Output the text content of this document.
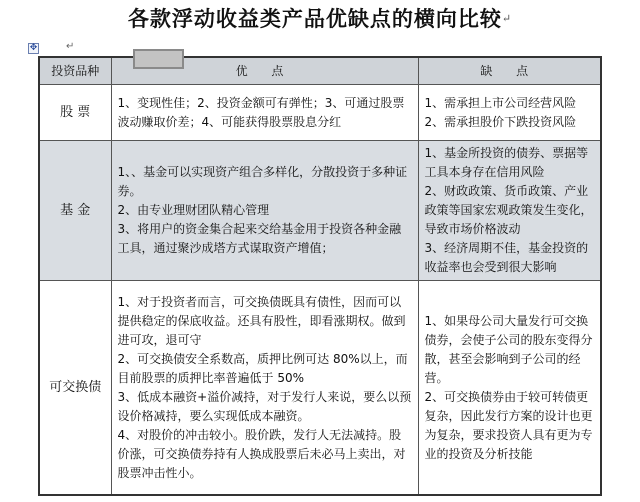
各款浮动收益类产品优缺点的横向比较↵
✥	↵
投资品种	优 点	缺 点
股 票	1、变现性佳；2、投资金额可有弹性；3、可通过股票波动赚取价差；4、可能获得股票股息分红	1、需承担上市公司经营风险
2、需承担股价下跌投资风险

基 金	1、、基金可以实现资产组合多样化，分散投资于多种证券。
2、由专业理财团队精心管理
3、将用户的资金集合起来交给基金用于投资各种金融工具，通过聚沙成塔方式谋取资产增值；	1、基金所投资的债券、票据等工具本身存在信用风险
2、财政政策、货币政策、产业政策等国家宏观政策发生变化，导致市场价格波动
3、经济周期不佳，基金投资的收益率也会受到很大影响

可交换债	1、对于投资者而言，可交换债既具有债性，因而可以提供稳定的保底收益。还具有股性，即看涨期权。做到进可攻，退可守
2、可交换债安全系数高，质押比例可达 80%以上，而目前股票的质押比率普遍低于 50%
3、低成本融资+溢价减持，对于发行人来说，要么以预设价格减持，要么实现低成本融资。
4、对股价的冲击较小。股价跌，发行人无法减持。股价涨，可交换债券持有人换成股票后未必马上卖出，对股票冲击性小。	1、如果母公司大量发行可交换债券，会使子公司的股东变得分散，甚至会影响到子公司的经营。
2、可交换债券由于较可转债更复杂，因此发行方案的设计也更为复杂，要求投资人具有更为专业的投资及分析技能
